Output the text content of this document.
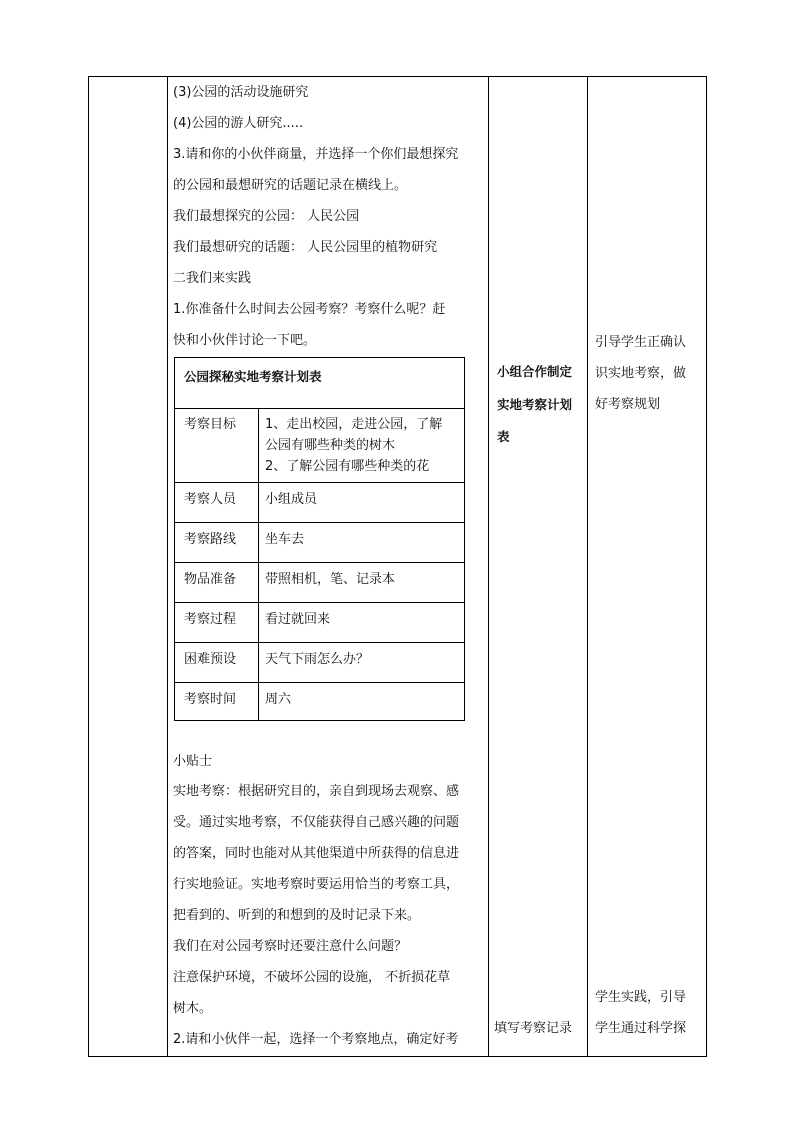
(3)公园的活动设施研究
(4)公园的游人研究.....
3.请和你的小伙伴商量，并选择一个你们最想探究
的公园和最想研究的话题记录在横线上。
我们最想探究的公园： 人民公园
我们最想研究的话题： 人民公园里的植物研究
二我们来实践
1.你准备什么时间去公园考察？考察什么呢？赶
快和小伙伴讨论一下吧。
公园探秘实地考察计划表
考察目标 1、走出校园，走进公园，了解
公园有哪些种类的树木
2、了解公园有哪些种类的花
考察人员 小组成员
考察路线 坐车去
物品准备 带照相机，笔、记录本
考察过程 看过就回来
困难预设 天气下雨怎么办？
考察时间 周六
小贴士
实地考察：根据研究目的，亲自到现场去观察、感
受。通过实地考察，不仅能获得自己感兴趣的问题
的答案，同时也能对从其他渠道中所获得的信息进
行实地验证。实地考察时要运用恰当的考察工具，
把看到的、听到的和想到的及时记录下来。
我们在对公园考察时还要注意什么问题？
注意保护环境，不破坏公园的设施， 不折损花草
树木。
2.请和小伙伴一起，选择一个考察地点，确定好考
小组合作制定
实地考察计划
表
填写考察记录
引导学生正确认
识实地考察，做
好考察规划
学生实践，引导
学生通过科学探
